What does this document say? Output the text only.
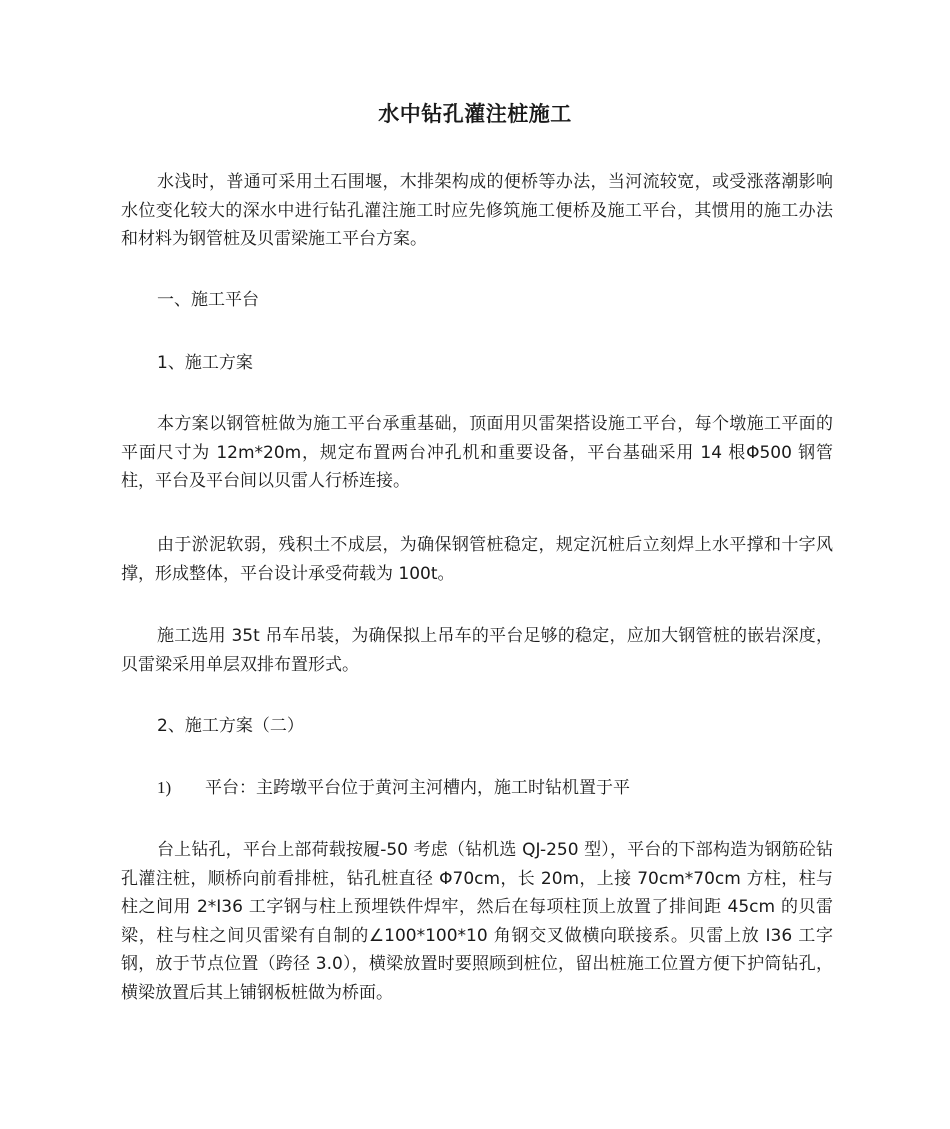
水中钻孔灌注桩施工
水浅时，普通可采用土石围堰，木排架构成的便桥等办法，当河流较宽，或受涨落潮影响水位变化较大的深水中进行钻孔灌注施工时应先修筑施工便桥及施工平台，其惯用的施工办法和材料为钢管桩及贝雷梁施工平台方案。
一、施工平台
1、施工方案
本方案以钢管桩做为施工平台承重基础，顶面用贝雷架搭设施工平台，每个墩施工平面的平面尺寸为 12m*20m，规定布置两台冲孔机和重要设备，平台基础采用 14 根Φ500 钢管柱，平台及平台间以贝雷人行桥连接。
由于淤泥软弱，残积土不成层，为确保钢管桩稳定，规定沉桩后立刻焊上水平撑和十字风撑，形成整体，平台设计承受荷载为 100t。
施工选用 35t 吊车吊装，为确保拟上吊车的平台足够的稳定，应加大钢管桩的嵌岩深度，贝雷梁采用单层双排布置形式。
2、施工方案（二）
1) 平台：主跨墩平台位于黄河主河槽内，施工时钻机置于平
台上钻孔，平台上部荷载按履-50 考虑（钻机选 QJ-250 型），平台的下部构造为钢筋砼钻孔灌注桩，顺桥向前看排桩，钻孔桩直径 Φ70cm，长 20m，上接 70cm*70cm 方柱，柱与柱之间用 2*I36 工字钢与柱上预埋铁件焊牢，然后在每项柱顶上放置了排间距 45cm 的贝雷梁，柱与柱之间贝雷梁有自制的∠100*100*10 角钢交叉做横向联接系。贝雷上放 I36 工字钢，放于节点位置（跨径 3.0），横梁放置时要照顾到桩位，留出桩施工位置方便下护筒钻孔，横梁放置后其上铺钢板桩做为桥面。
